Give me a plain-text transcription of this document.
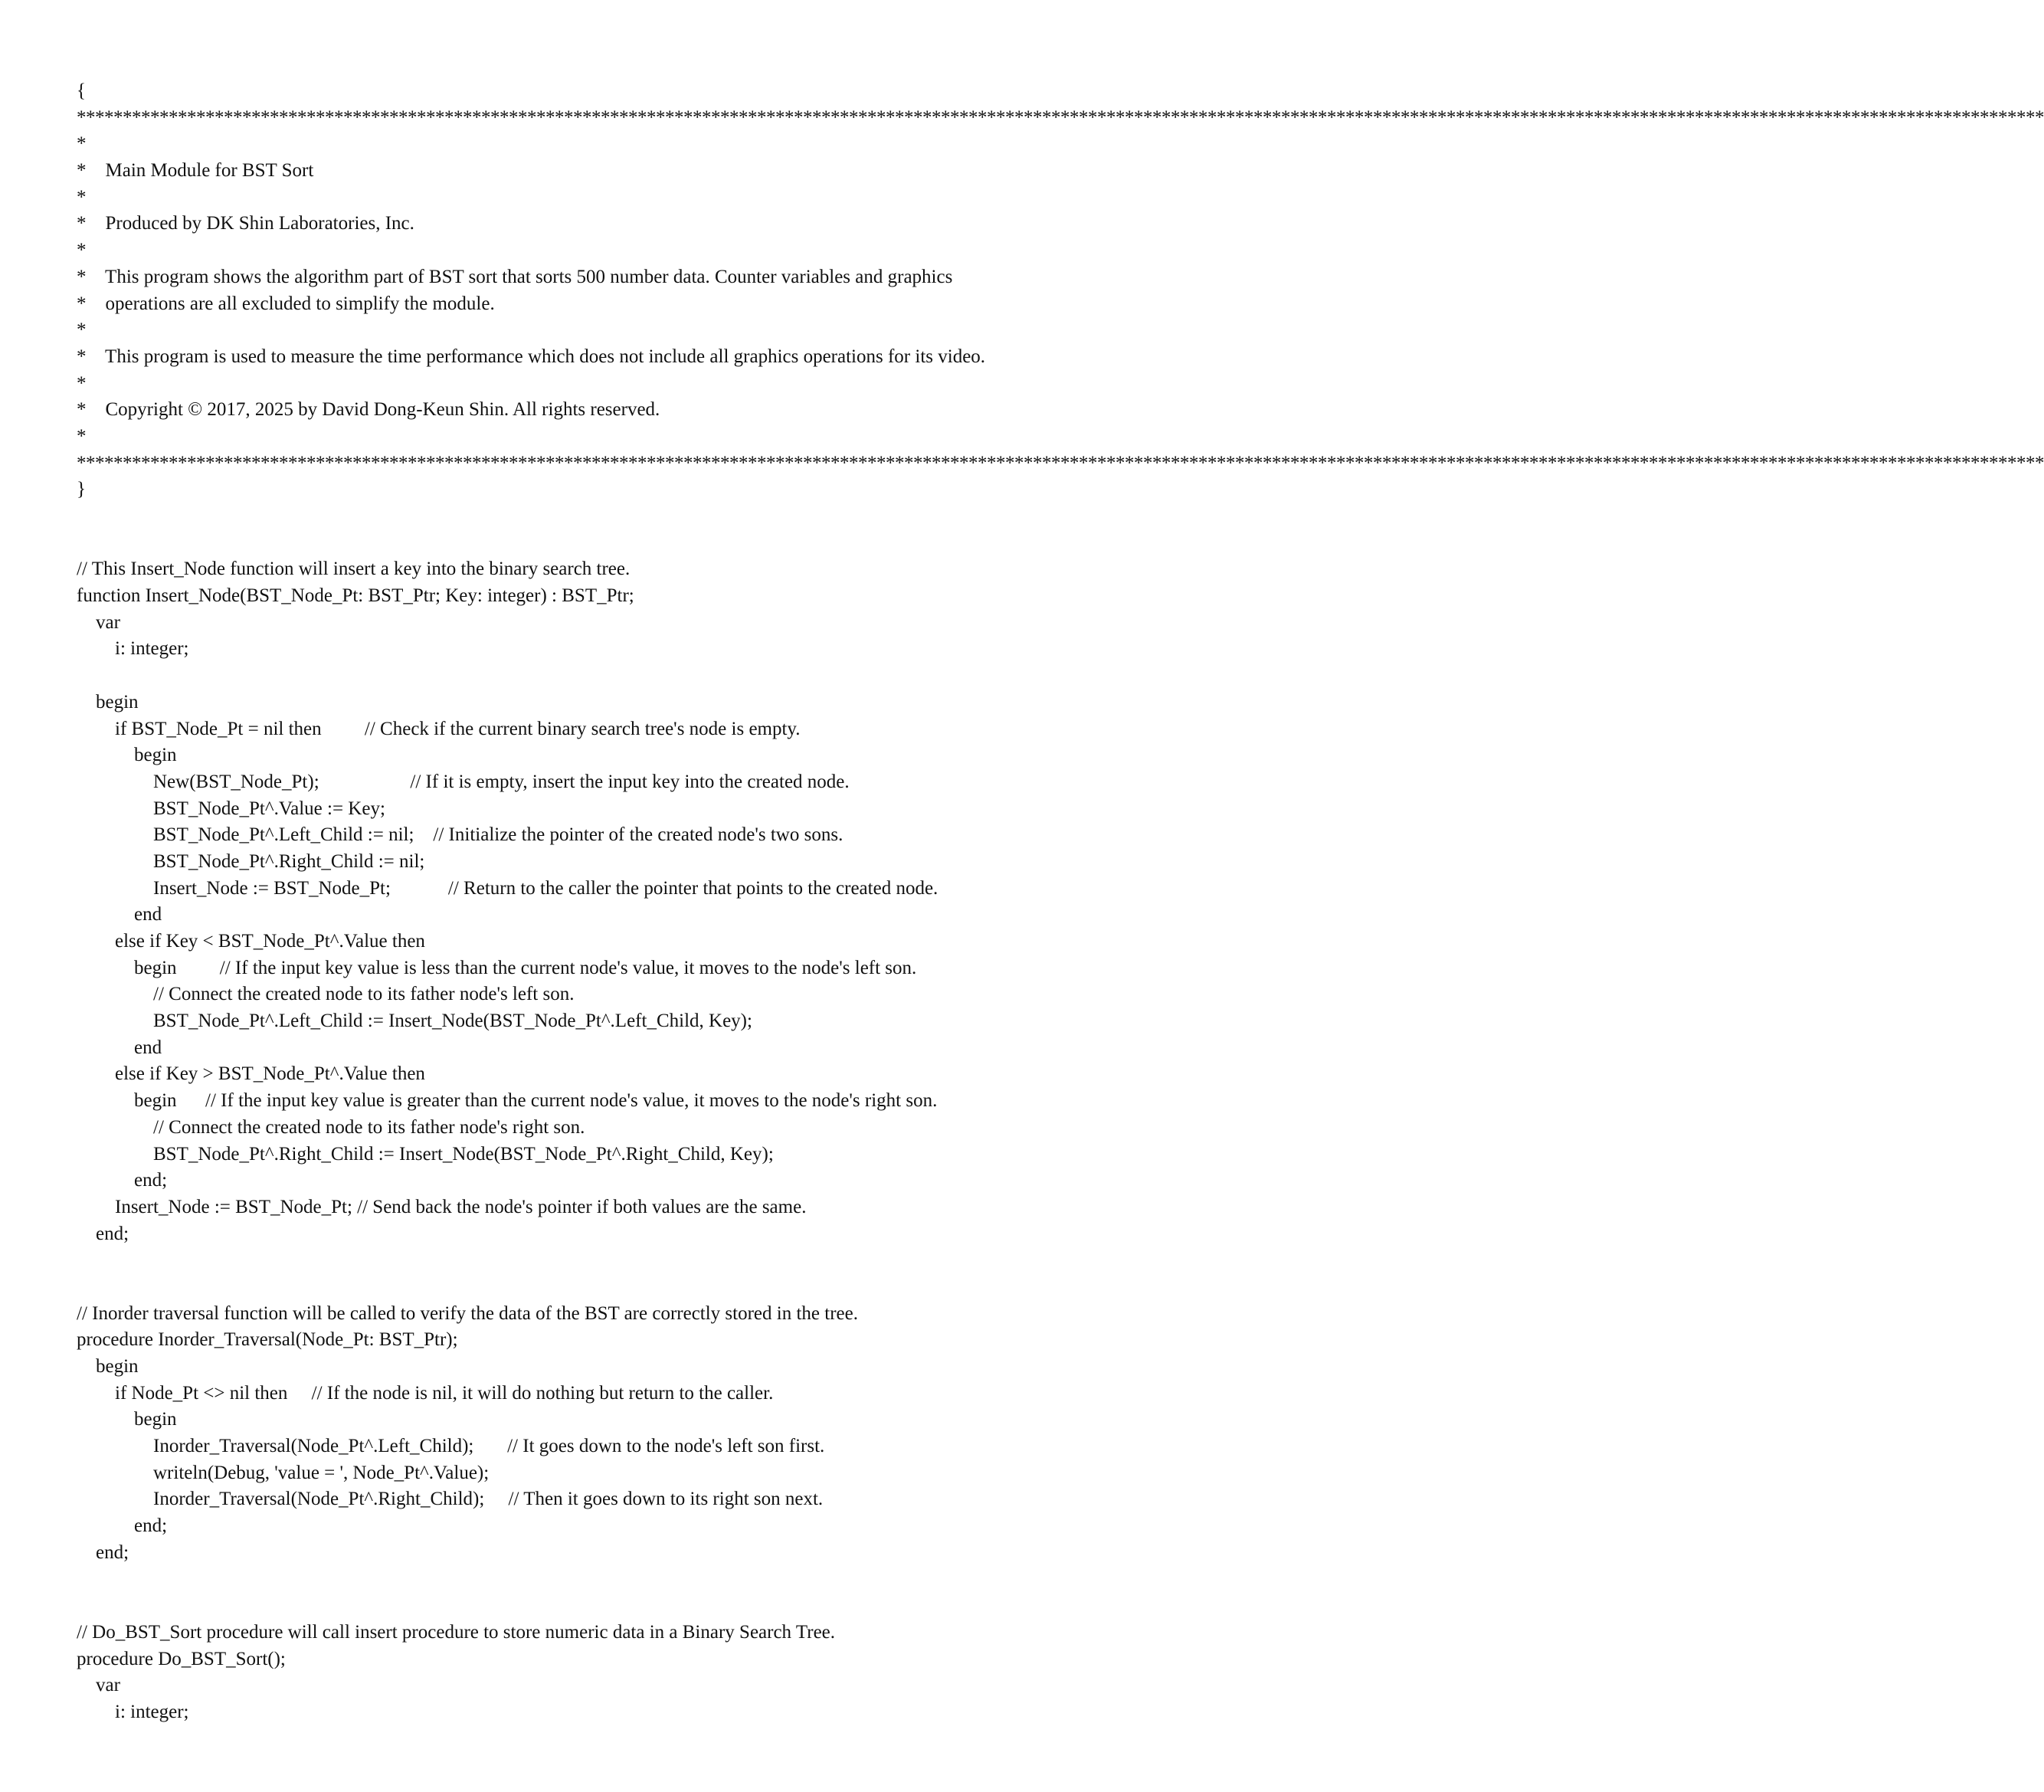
{
**********************************************************************************************************************************************************************************************************************
*
*    Main Module for BST Sort
*
*    Produced by DK Shin Laboratories, Inc.
*
*    This program shows the algorithm part of BST sort that sorts 500 number data. Counter variables and graphics
*    operations are all excluded to simplify the module.
*
*    This program is used to measure the time performance which does not include all graphics operations for its video.
*
*    Copyright © 2017, 2025 by David Dong-Keun Shin. All rights reserved.
*
**********************************************************************************************************************************************************************************************************************
}
// This Insert_Node function will insert a key into the binary search tree.
function Insert_Node(BST_Node_Pt: BST_Ptr; Key: integer) : BST_Ptr;
var
i: integer;
begin
if BST_Node_Pt = nil then         // Check if the current binary search tree's node is empty.
begin
New(BST_Node_Pt);                   // If it is empty, insert the input key into the created node.
BST_Node_Pt^.Value := Key;
BST_Node_Pt^.Left_Child := nil;    // Initialize the pointer of the created node's two sons.
BST_Node_Pt^.Right_Child := nil;
Insert_Node := BST_Node_Pt;            // Return to the caller the pointer that points to the created node.
end
else if Key < BST_Node_Pt^.Value then
begin         // If the input key value is less than the current node's value, it moves to the node's left son.
// Connect the created node to its father node's left son.
BST_Node_Pt^.Left_Child := Insert_Node(BST_Node_Pt^.Left_Child, Key);
end
else if Key > BST_Node_Pt^.Value then
begin      // If the input key value is greater than the current node's value, it moves to the node's right son.
// Connect the created node to its father node's right son.
BST_Node_Pt^.Right_Child := Insert_Node(BST_Node_Pt^.Right_Child, Key);
end;
Insert_Node := BST_Node_Pt; // Send back the node's pointer if both values are the same.
end;
// Inorder traversal function will be called to verify the data of the BST are correctly stored in the tree.
procedure Inorder_Traversal(Node_Pt: BST_Ptr);
begin
if Node_Pt <> nil then     // If the node is nil, it will do nothing but return to the caller.
begin
Inorder_Traversal(Node_Pt^.Left_Child);       // It goes down to the node's left son first.
writeln(Debug, 'value = ', Node_Pt^.Value);
Inorder_Traversal(Node_Pt^.Right_Child);     // Then it goes down to its right son next.
end;
end;
// Do_BST_Sort procedure will call insert procedure to store numeric data in a Binary Search Tree.
procedure Do_BST_Sort();
var
i: integer;
